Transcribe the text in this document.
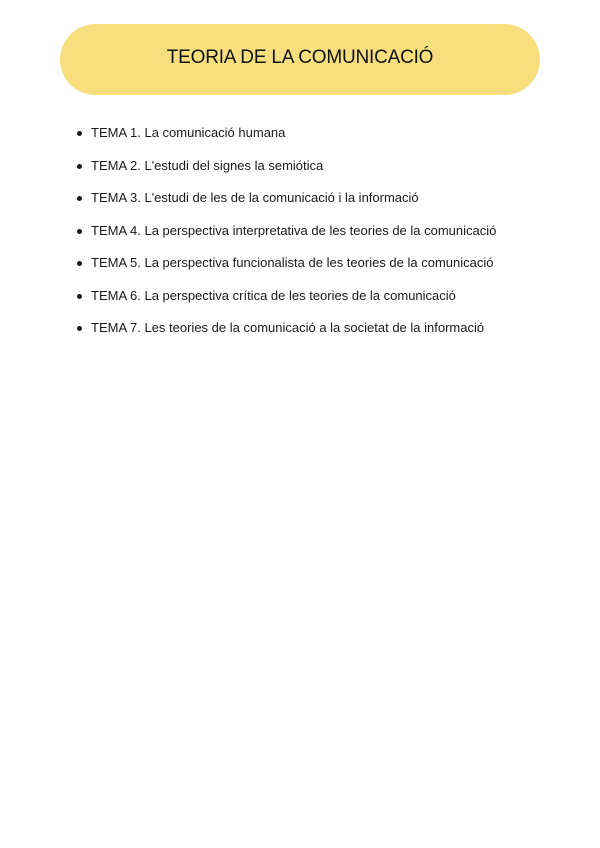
TEORIA DE LA COMUNICACIÓ
TEMA 1. La comunicació humana
TEMA 2. L'estudi del signes la semiótica
TEMA 3. L'estudi de les de la comunicació i la informació
TEMA 4. La perspectiva interpretativa de les teories de la comunicació
TEMA 5. La perspectiva funcionalista de les teories de la comunicació
TEMA 6. La perspectiva crítica de les teories de la comunicació
TEMA 7. Les teories de la comunicació a la societat de la informació
